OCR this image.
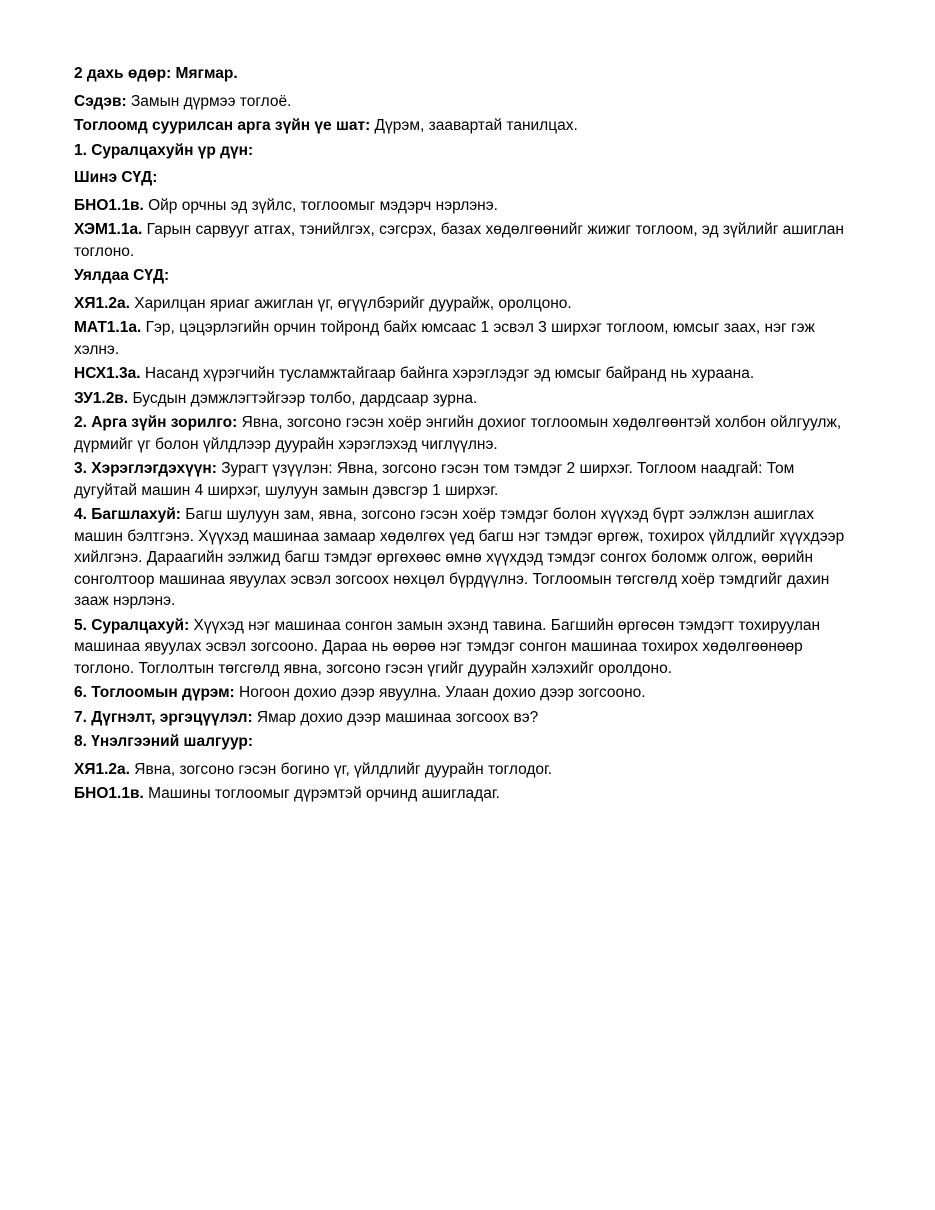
2 дахь өдөр: Мягмар.

Сэдэв: Замын дүрмээ тоглоё.

Тоглоомд суурилсан арга зүйн үе шат: Дүрэм, заавартай танилцах.

1. Суралцахуйн үр дүн:

Шинэ СҮД:

БНО1.1в. Ойр орчны эд зүйлс, тоглоомыг мэдэрч нэрлэнэ.

ХЭМ1.1а. Гарын сарвууг атгах, тэнийлгэх, сэгсрэх, базах хөдөлгөөнийг жижиг тоглоом, эд зүйлийг ашиглан тоглоно.

Уялдаа СҮД:

ХЯ1.2а. Харилцан яриаг ажиглан үг, өгүүлбэрийг дуурайж, оролцоно.

МАТ1.1а. Гэр, цэцэрлэгийн орчин тойронд байх юмсаас 1 эсвэл 3 ширхэг тоглоом, юмсыг заах, нэг гэж хэлнэ.

НСХ1.3а. Насанд хүрэгчийн тусламжтайгаар байнга хэрэглэдэг эд юмсыг байранд нь хураана.

ЗУ1.2в. Бусдын дэмжлэгтэйгээр толбо, дардсаар зурна.

2. Арга зүйн зорилго: Явна, зогсоно гэсэн хоёр энгийн дохиог тоглоомын хөдөлгөөнтэй холбон ойлгуулж, дүрмийг үг болон үйлдлээр дуурайн хэрэглэхэд чиглүүлнэ.

3. Хэрэглэгдэхүүн: Зурагт үзүүлэн: Явна, зогсоно гэсэн том тэмдэг 2 ширхэг. Тоглоом наадгай: Том дугуйтай машин 4 ширхэг, шулуун замын дэвсгэр 1 ширхэг.

4. Багшлахуй: Багш шулуун зам, явна, зогсоно гэсэн хоёр тэмдэг болон хүүхэд бүрт ээлжлэн ашиглах машин бэлтгэнэ. Хүүхэд машинаа замаар хөдөлгөх үед багш нэг тэмдэг өргөж, тохирох үйлдлийг хүүхдээр хийлгэнэ. Дараагийн ээлжид багш тэмдэг өргөхөөс өмнө хүүхдэд тэмдэг сонгох боломж олгож, өөрийн сонголтоор машинаа явуулах эсвэл зогсоох нөхцөл бүрдүүлнэ. Тоглоомын төгсгөлд хоёр тэмдгийг дахин зааж нэрлэнэ.

5. Суралцахуй: Хүүхэд нэг машинаа сонгон замын эхэнд тавина. Багшийн өргөсөн тэмдэгт тохируулан машинаа явуулах эсвэл зогсооно. Дараа нь өөрөө нэг тэмдэг сонгон машинаа тохирох хөдөлгөөнөөр тоглоно. Тоглолтын төгсгөлд явна, зогсоно гэсэн үгийг дуурайн хэлэхийг оролдоно.

6. Тоглоомын дүрэм: Ногоон дохио дээр явуулна. Улаан дохио дээр зогсооно.

7. Дүгнэлт, эргэцүүлэл: Ямар дохио дээр машинаа зогсоох вэ?

8. Үнэлгээний шалгуур:

ХЯ1.2а. Явна, зогсоно гэсэн богино үг, үйлдлийг дуурайн тоглодог.

БНО1.1в. Машины тоглоомыг дүрэмтэй орчинд ашигладаг.
